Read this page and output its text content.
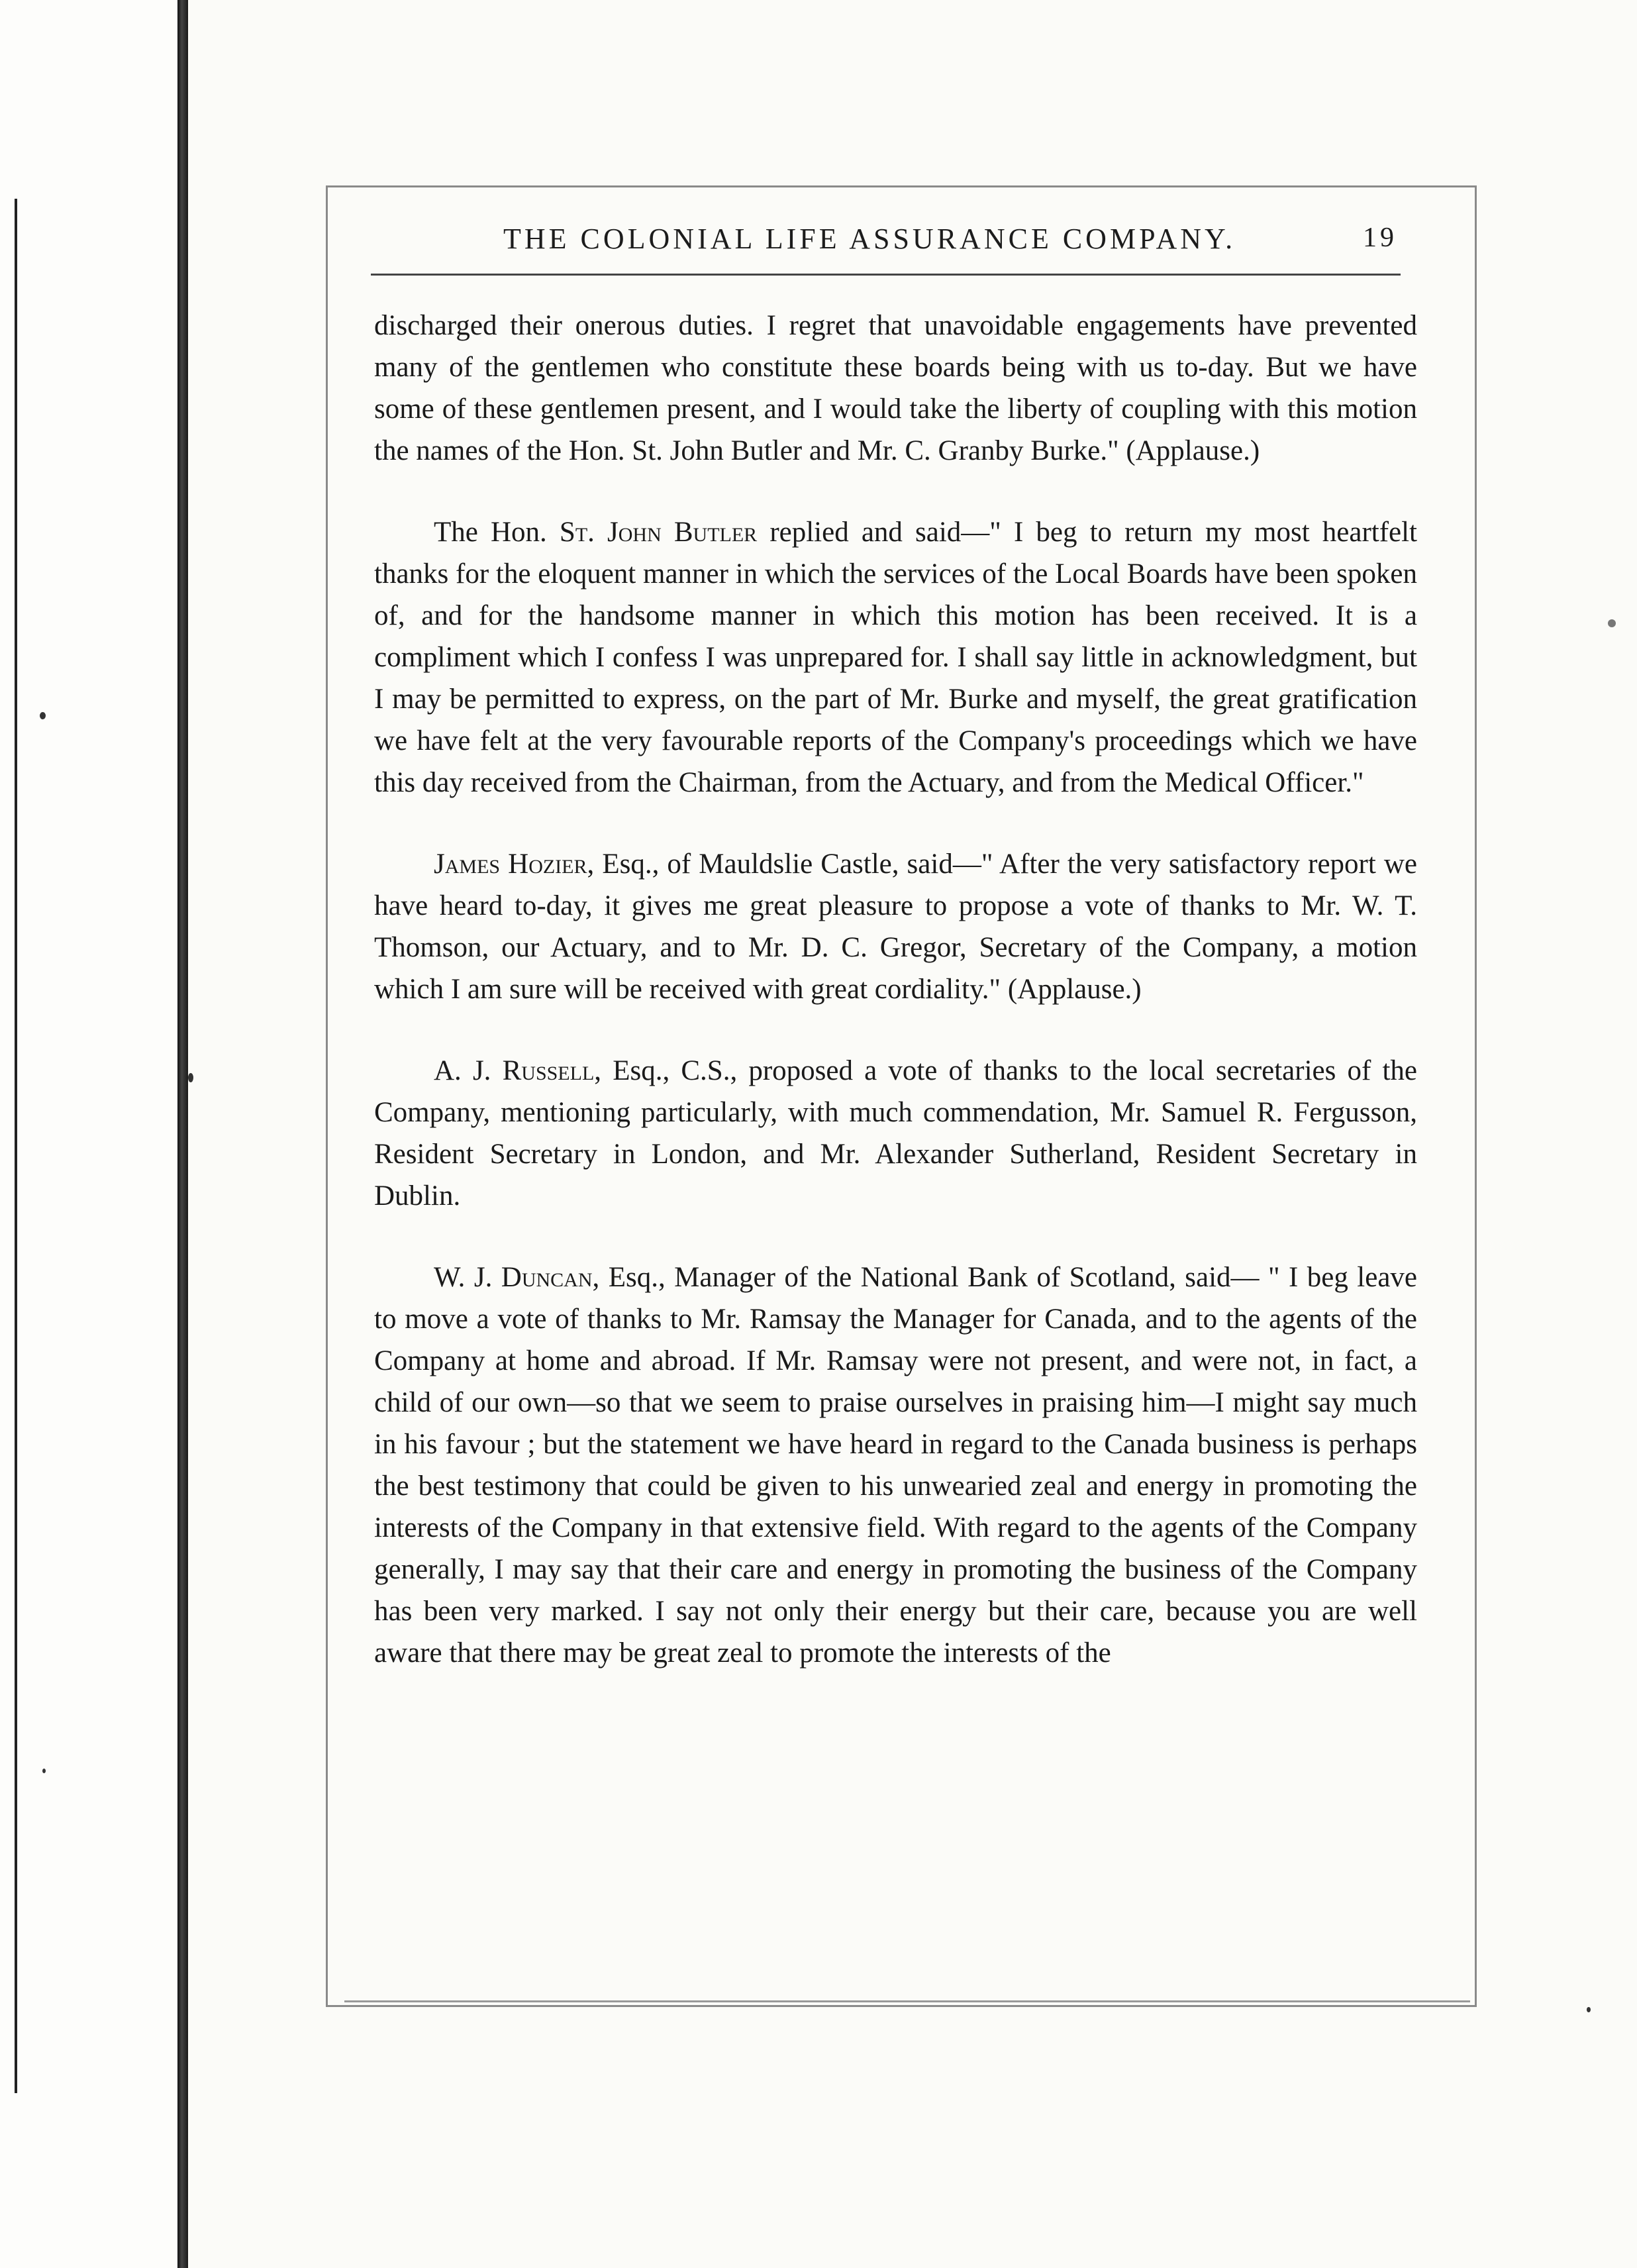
THE COLONIAL LIFE ASSURANCE COMPANY.	19

discharged their onerous duties. I regret that unavoidable engagements have prevented many of the gentlemen who constitute these boards being with us to-day. But we have some of these gentlemen present, and I would take the liberty of coupling with this motion the names of the Hon. St. John Butler and Mr. C. Granby Burke." (Applause.)

The Hon. St. John Butler replied and said—" I beg to return my most heartfelt thanks for the eloquent manner in which the services of the Local Boards have been spoken of, and for the handsome manner in which this motion has been received. It is a compliment which I confess I was unprepared for. I shall say little in acknowledgment, but I may be permitted to express, on the part of Mr. Burke and myself, the great gratification we have felt at the very favourable reports of the Company's proceedings which we have this day received from the Chairman, from the Actuary, and from the Medical Officer."

James Hozier, Esq., of Mauldslie Castle, said—" After the very satisfactory report we have heard to-day, it gives me great pleasure to propose a vote of thanks to Mr. W. T. Thomson, our Actuary, and to Mr. D. C. Gregor, Secretary of the Company, a motion which I am sure will be received with great cordiality." (Applause.)

A. J. Russell, Esq., C.S., proposed a vote of thanks to the local secretaries of the Company, mentioning particularly, with much commendation, Mr. Samuel R. Fergusson, Resident Secretary in London, and Mr. Alexander Sutherland, Resident Secretary in Dublin.

W. J. Duncan, Esq., Manager of the National Bank of Scotland, said— " I beg leave to move a vote of thanks to Mr. Ramsay the Manager for Canada, and to the agents of the Company at home and abroad. If Mr. Ramsay were not present, and were not, in fact, a child of our own—so that we seem to praise ourselves in praising him—I might say much in his favour ; but the statement we have heard in regard to the Canada business is perhaps the best testimony that could be given to his unwearied zeal and energy in promoting the interests of the Company in that extensive field. With regard to the agents of the Company generally, I may say that their care and energy in promoting the business of the Company has been very marked. I say not only their energy but their care, because you are well aware that there may be great zeal to promote the interests of the
